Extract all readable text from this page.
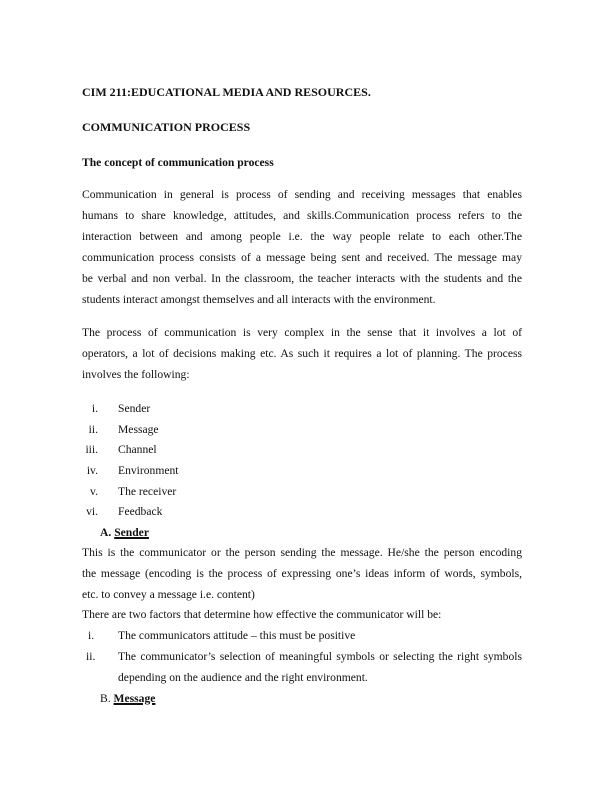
CIM 211:EDUCATIONAL MEDIA AND RESOURCES.
COMMUNICATION PROCESS
The concept of communication process
Communication in general is process of sending and receiving messages that enables
humans to share knowledge, attitudes, and skills.Communication process refers to the
interaction between and among people i.e. the way people relate to each other.The
communication process consists of a message being sent and received. The message may
be verbal and non verbal. In the classroom, the teacher interacts with the students and the
students interact amongst themselves and all interacts with the environment.
The process of communication is very complex in the sense that it involves a lot of
operators, a lot of decisions making etc. As such it requires a lot of planning. The process
involves the following:
i. Sender
ii. Message
iii. Channel
iv. Environment
v. The receiver
vi. Feedback
A. Sender
This is the communicator or the person sending the message. He/she the person encoding
the message (encoding is the process of expressing one’s ideas inform of words, symbols,
etc. to convey a message i.e. content)
There are two factors that determine how effective the communicator will be:
i.	The communicators attitude – this must be positive
ii.	The communicator’s selection of meaningful symbols or selecting the right symbols
depending on the audience and the right environment.
B. Message
